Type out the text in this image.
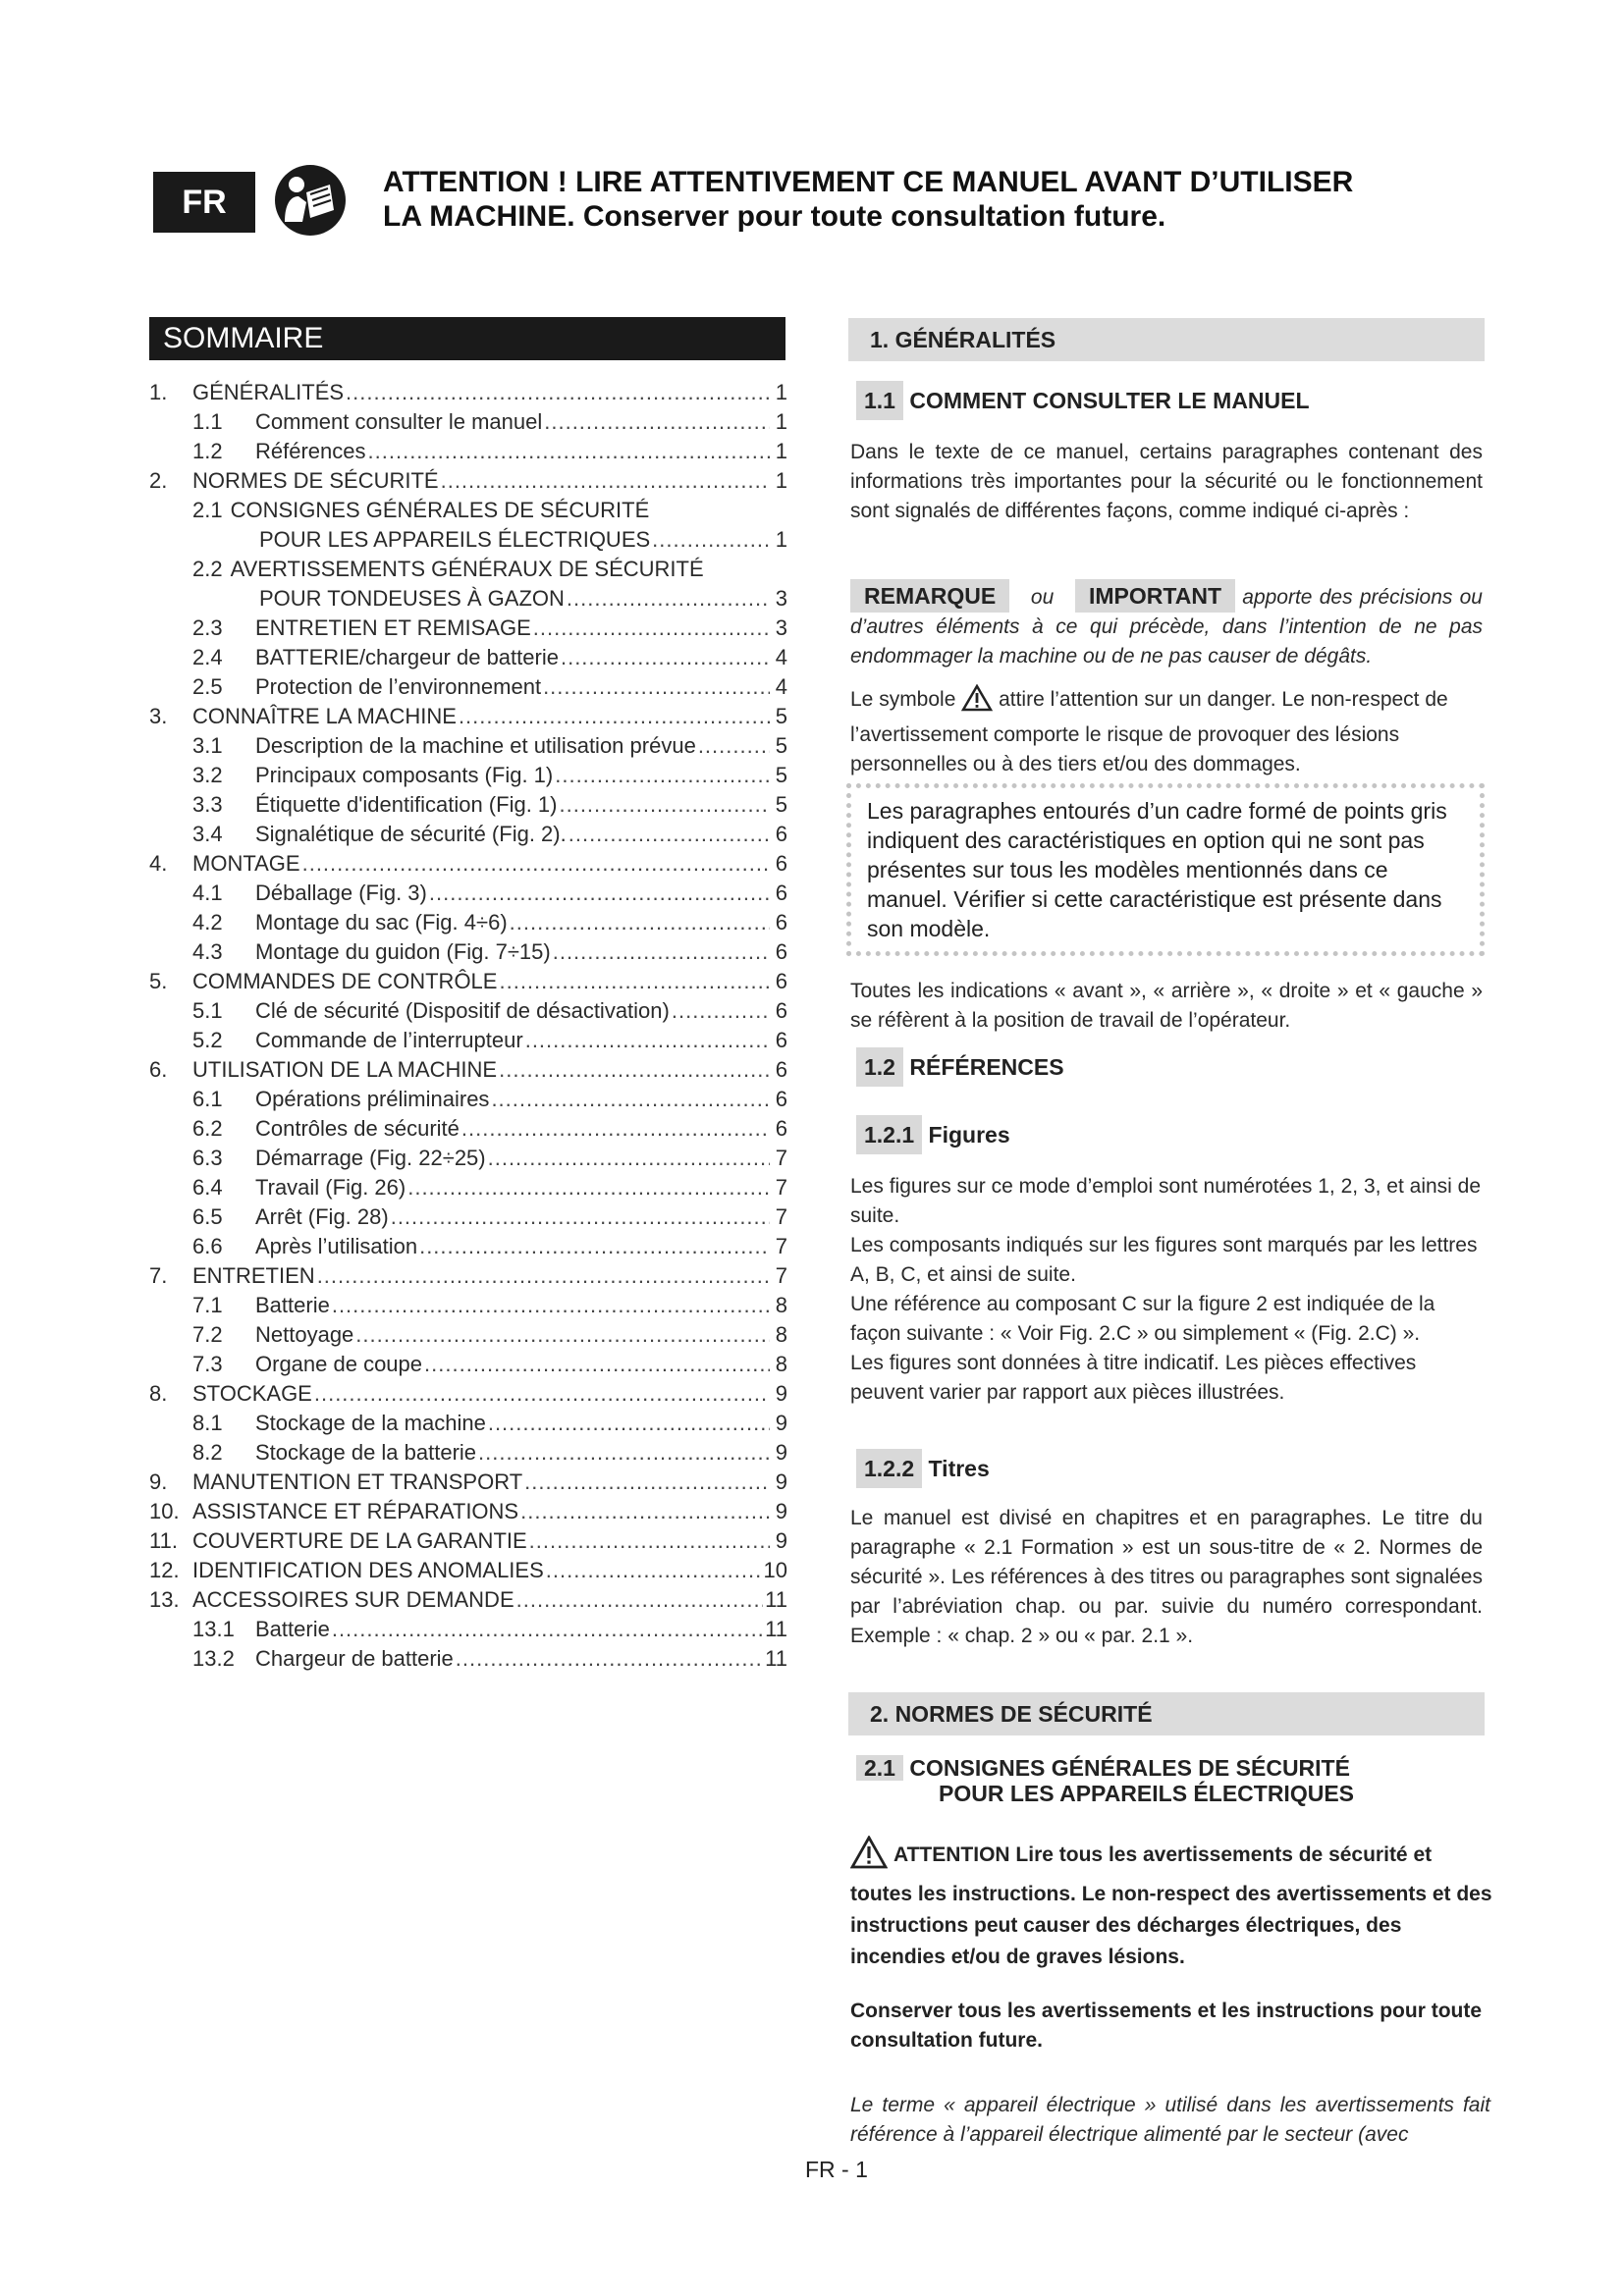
FR
ATTENTION ! LIRE ATTENTIVEMENT CE MANUEL AVANT D’UTILISER
LA MACHINE. Conserver pour toute consultation future.
SOMMAIRE
1.	GÉNÉRALITÉS .....	1
1.1	Comment consulter le manuel .....	1
1.2	Références .....	1
2.	NORMES DE SÉCURITÉ .....	1
2.1 CONSIGNES GÉNÉRALES DE SÉCURITÉ
POUR LES APPAREILS ÉLECTRIQUES .....	1
2.2 AVERTISSEMENTS GÉNÉRAUX DE SÉCURITÉ
POUR TONDEUSES À GAZON .....	3
2.3	ENTRETIEN ET REMISAGE .....	3
2.4	BATTERIE/chargeur de batterie .....	4
2.5	Protection de l’environnement .....	4
3.	CONNAÎTRE LA MACHINE .....	5
3.1	Description de la machine et utilisation prévue .....	5
3.2	Principaux composants (Fig. 1) .....	5
3.3	Étiquette d'identification (Fig. 1) .....	5
3.4	Signalétique de sécurité (Fig. 2). .....	6
4.	MONTAGE .....	6
4.1	Déballage (Fig. 3) .....	6
4.2	Montage du sac (Fig. 4÷6) .....	6
4.3	Montage du guidon (Fig. 7÷15) .....	6
5.	COMMANDES DE CONTRÔLE .....	6
5.1	Clé de sécurité (Dispositif de désactivation) .....	6
5.2	Commande de l’interrupteur .....	6
6.	UTILISATION DE LA MACHINE .....	6
6.1	Opérations préliminaires .....	6
6.2	Contrôles de sécurité .....	6
6.3	Démarrage (Fig. 22÷25) .....	7
6.4	Travail (Fig. 26) .....	7
6.5	Arrêt (Fig. 28) .....	7
6.6	Après l’utilisation .....	7
7.	ENTRETIEN .....	7
7.1	Batterie .....	8
7.2	Nettoyage .....	8
7.3	Organe de coupe .....	8
8.	STOCKAGE .....	9
8.1	Stockage de la machine .....	9
8.2	Stockage de la batterie .....	9
9.	MANUTENTION ET TRANSPORT .....	9
10. ASSISTANCE ET RÉPARATIONS .....	9
11. COUVERTURE DE LA GARANTIE .....	9
12. IDENTIFICATION DES ANOMALIES .....	10
13. ACCESSOIRES SUR DEMANDE .....	11
13.1 Batterie .....	11
13.2 Chargeur de batterie .....	11
1. GÉNÉRALITÉS
1.1 COMMENT CONSULTER LE MANUEL
Dans le texte de ce manuel, certains paragraphes contenant des informations très importantes pour la sécurité ou le fonctionnement sont signalés de différentes façons, comme indiqué ci-après :
REMARQUE ou IMPORTANT apporte des précisions ou d’autres éléments à ce qui précède, dans l’intention de ne pas endommager la machine ou de ne pas causer de dégâts.
Le symbole attire l’attention sur un danger. Le non-respect de l’avertissement comporte le risque de provoquer des lésions personnelles ou à des tiers et/ou des dommages.
Les paragraphes entourés d’un cadre formé de points gris indiquent des caractéristiques en option qui ne sont pas présentes sur tous les modèles mentionnés dans ce manuel. Vérifier si cette caractéristique est présente dans son modèle.
Toutes les indications « avant », « arrière », « droite » et « gauche » se réfèrent à la position de travail de l’opérateur.
1.2 RÉFÉRENCES
1.2.1 Figures
Les figures sur ce mode d’emploi sont numérotées 1, 2, 3, et ainsi de suite.
Les composants indiqués sur les figures sont marqués par les lettres A, B, C, et ainsi de suite.
Une référence au composant C sur la figure 2 est indiquée de la façon suivante : « Voir Fig. 2.C » ou simplement « (Fig. 2.C) ».
Les figures sont données à titre indicatif. Les pièces effectives peuvent varier par rapport aux pièces illustrées.
1.2.2 Titres
Le manuel est divisé en chapitres et en paragraphes. Le titre du paragraphe « 2.1 Formation » est un sous-titre de « 2. Normes de sécurité ». Les références à des titres ou paragraphes sont signalées par l’abréviation chap. ou par. suivie du numéro correspondant. Exemple : « chap. 2 » ou « par. 2.1 ».
2. NORMES DE SÉCURITÉ
2.1 CONSIGNES GÉNÉRALES DE SÉCURITÉ
POUR LES APPAREILS ÉLECTRIQUES
ATTENTION Lire tous les avertissements de sécurité et toutes les instructions. Le non-respect des avertissements et des instructions peut causer des décharges électriques, des incendies et/ou de graves lésions.
Conserver tous les avertissements et les instructions pour toute consultation future.
Le terme « appareil électrique » utilisé dans les avertissements fait référence à l’appareil électrique alimenté par le secteur (avec
FR - 1
